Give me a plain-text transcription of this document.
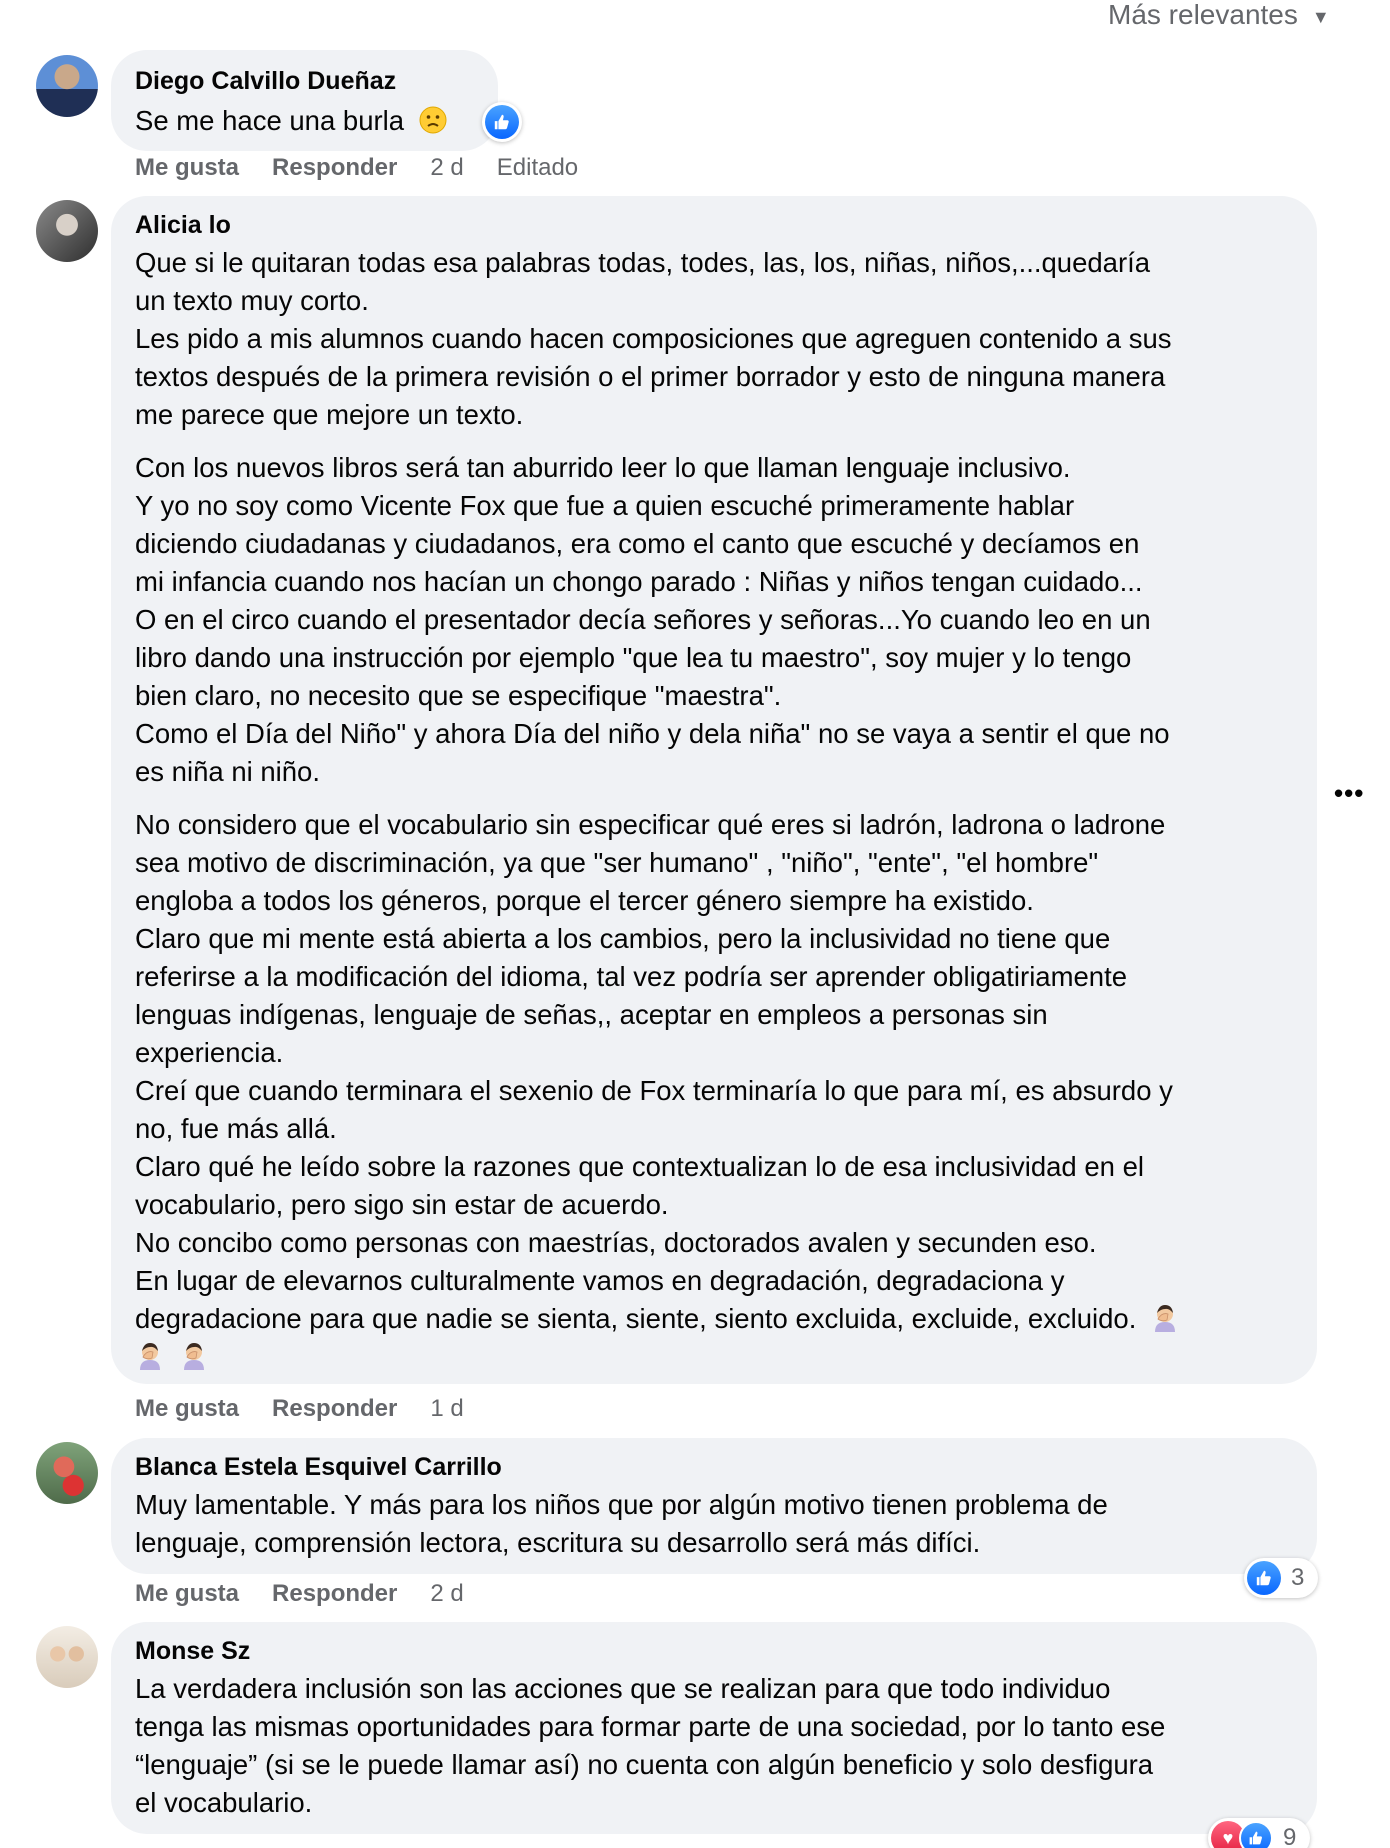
Más relevantes ▼
Diego Calvillo Dueñaz
Se me hace una burla
Me gusta Responder 2 d Editado
Alicia lo
Que si le quitaran todas esa palabras todas, todes, las, los, niñas, niños,...quedaría
un texto muy corto.
Les pido a mis alumnos cuando hacen composiciones que agreguen contenido a sus
textos después de la primera revisión o el primer borrador y esto de ninguna manera
me parece que mejore un texto.
Con los nuevos libros será tan aburrido leer lo que llaman lenguaje inclusivo.
Y yo no soy como Vicente Fox que fue a quien escuché primeramente hablar
diciendo ciudadanas y ciudadanos, era como el canto que escuché y decíamos en
mi infancia cuando nos hacían un chongo parado : Niñas y niños tengan cuidado...
O en el circo cuando el presentador decía señores y señoras...Yo cuando leo en un
libro dando una instrucción por ejemplo "que lea tu maestro", soy mujer y lo tengo
bien claro, no necesito que se especifique "maestra".
Como el Día del Niño" y ahora Día del niño y dela niña" no se vaya a sentir el que no
es niña ni niño.
No considero que el vocabulario sin especificar qué eres si ladrón, ladrona o ladrone
sea motivo de discriminación, ya que "ser humano" , "niño", "ente", "el hombre"
engloba a todos los géneros, porque el tercer género siempre ha existido.
Claro que mi mente está abierta a los cambios, pero la inclusividad no tiene que
referirse a la modificación del idioma, tal vez podría ser aprender obligatiriamente
lenguas indígenas, lenguaje de señas,, aceptar en empleos a personas sin
experiencia.
Creí que cuando terminara el sexenio de Fox terminaría lo que para mí, es absurdo y
no, fue más allá.
Claro qué he leído sobre la razones que contextualizan lo de esa inclusividad en el
vocabulario, pero sigo sin estar de acuerdo.
No concibo como personas con maestrías, doctorados avalen y secunden eso.
En lugar de elevarnos culturalmente vamos en degradación, degradaciona y
degradacione para que nadie se sienta, siente, siento excluida, excluide, excluido.

•••
Me gusta Responder 1 d
Blanca Estela Esquivel Carrillo
Muy lamentable. Y más para los niños que por algún motivo tienen problema de
lenguaje, comprensión lectora, escritura su desarrollo será más difíci.
3
Me gusta Responder 2 d
Monse Sz
La verdadera inclusión son las acciones que se realizan para que todo individuo
tenga las mismas oportunidades para formar parte de una sociedad, por lo tanto ese
“lenguaje” (si se le puede llamar así) no cuenta con algún beneficio y solo desfigura
el vocabulario.
♥	9
